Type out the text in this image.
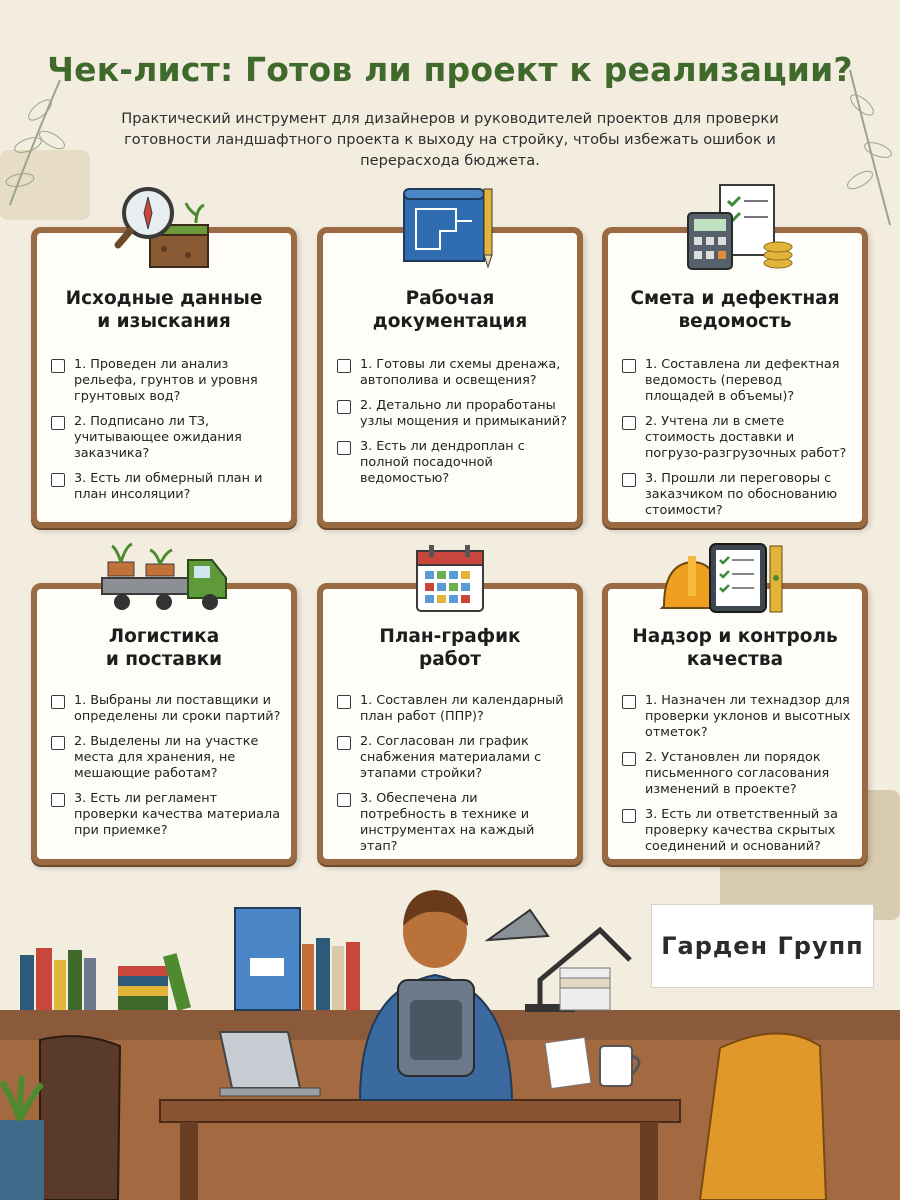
Чек-лист: Готов ли проект к реализации?
Практический инструмент для дизайнеров и руководителей проектов для проверки готовности ландшафтного проекта к выходу на стройку, чтобы избежать ошибок и перерасхода бюджета.
Исходные данные
и изыскания
1. Проведен ли анализ рельефа, грунтов и уровня грунтовых вод?
2. Подписано ли ТЗ, учитывающее ожидания заказчика?
3. Есть ли обмерный план и план инсоляции?
Рабочая
документация
1. Готовы ли схемы дренажа, автополива и освещения?
2. Детально ли проработаны узлы мощения и примыканий?
3. Есть ли дендроплан с полной посадочной ведомостью?
Смета и дефектная
ведомость
1. Составлена ли дефектная ведомость (перевод площадей в объемы)?
2. Учтена ли в смете стоимость доставки и погрузо-разгрузочных работ?
3. Прошли ли переговоры с заказчиком по обоснованию стоимости?
Логистика
и поставки
1. Выбраны ли поставщики и определены ли сроки партий?
2. Выделены ли на участке места для хранения, не мешающие работам?
3. Есть ли регламент проверки качества материала при приемке?
План-график
работ
1. Составлен ли календарный план работ (ППР)?
2. Согласован ли график снабжения материалами с этапами стройки?
3. Обеспечена ли потребность в технике и инструментах на каждый этап?
Надзор и контроль
качества
1. Назначен ли технадзор для проверки уклонов и высотных отметок?
2. Установлен ли порядок письменного согласования изменений в проекте?
3. Есть ли ответственный за проверку качества скрытых соединений и оснований?
Гарден Групп
